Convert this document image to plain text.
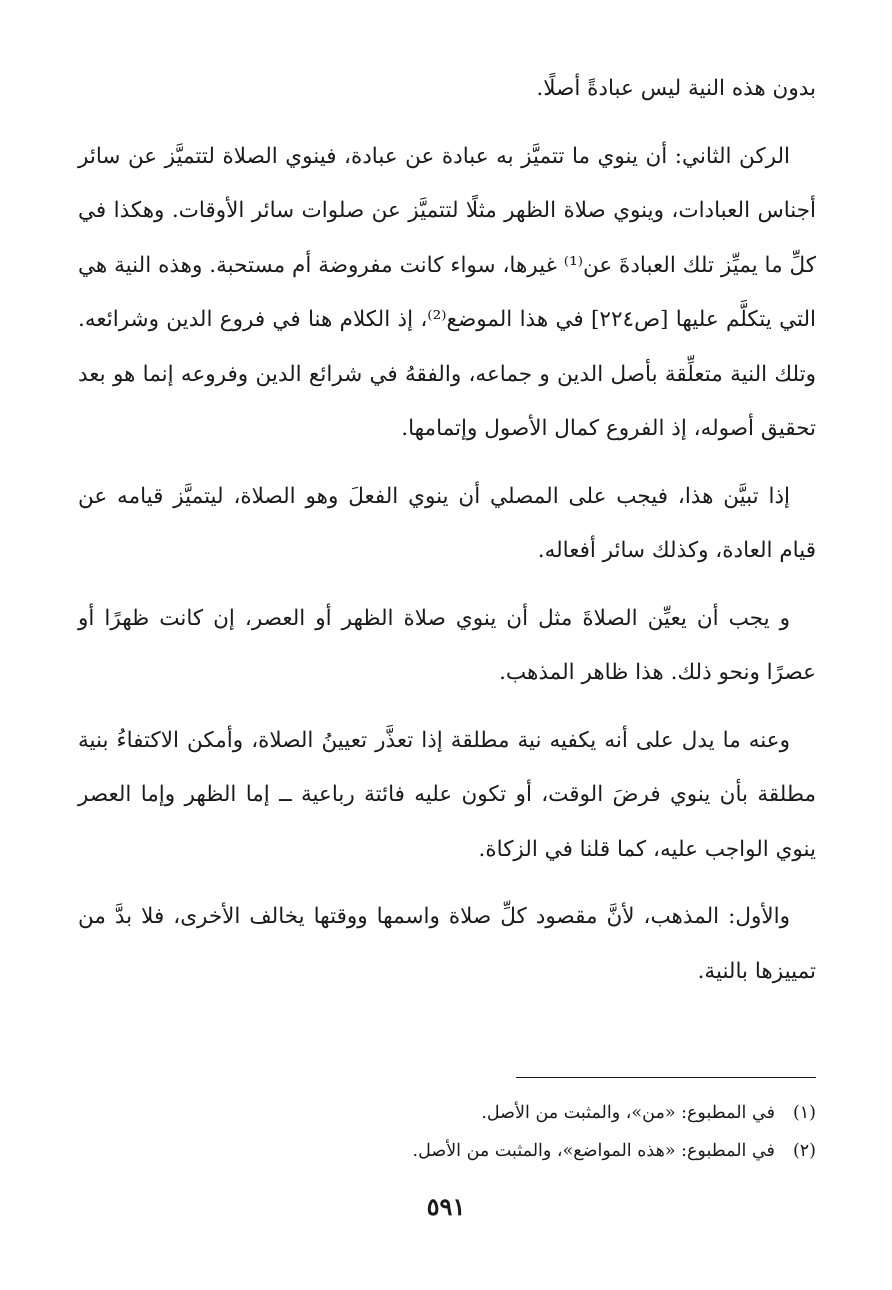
بدون هذه النية ليس عبادةً أصلًا.

الركن الثاني: أن ينوي ما تتميَّز به عبادة عن عبادة، فينوي الصلاة لتتميَّز عن سائر أجناس العبادات، وينوي صلاة الظهر مثلًا لتتميَّز عن صلوات سائر الأوقات. وهكذا في كلِّ ما يميِّز تلك العبادةَ عن⁽¹⁾ غيرها، سواء كانت مفروضة أم مستحبة. وهذه النية هي التي يتكلَّم عليها [ص٢٢٤] في هذا الموضع⁽²⁾، إذ الكلام هنا في فروع الدين وشرائعه. وتلك النية متعلِّقة بأصل الدين و جماعه، والفقهُ في شرائع الدين وفروعه إنما هو بعد تحقيق أصوله، إذ الفروع كمال الأصول وإتمامها.

إذا تبيَّن هذا، فيجب على المصلي أن ينوي الفعلَ وهو الصلاة، ليتميَّز قيامه عن قيام العادة، وكذلك سائر أفعاله.

و يجب أن يعيِّن الصلاةَ مثل أن ينوي صلاة الظهر أو العصر، إن كانت ظهرًا أو عصرًا ونحو ذلك. هذا ظاهر المذهب.

وعنه ما يدل على أنه يكفيه نية مطلقة إذا تعذَّر تعيينُ الصلاة، وأمكن الاكتفاءُ بنية مطلقة بأن ينوي فرضَ الوقت، أو تكون عليه فائتة رباعية ــ إما الظهر وإما العصر ينوي الواجب عليه، كما قلنا في الزكاة.

والأول: المذهب، لأنَّ مقصود كلِّ صلاة واسمها ووقتها يخالف الأخرى، فلا بدَّ من تمييزها بالنية.

(١)في المطبوع: «من»، والمثبت من الأصل.
(٢)في المطبوع: «هذه المواضع»، والمثبت من الأصل.
٥٩١
